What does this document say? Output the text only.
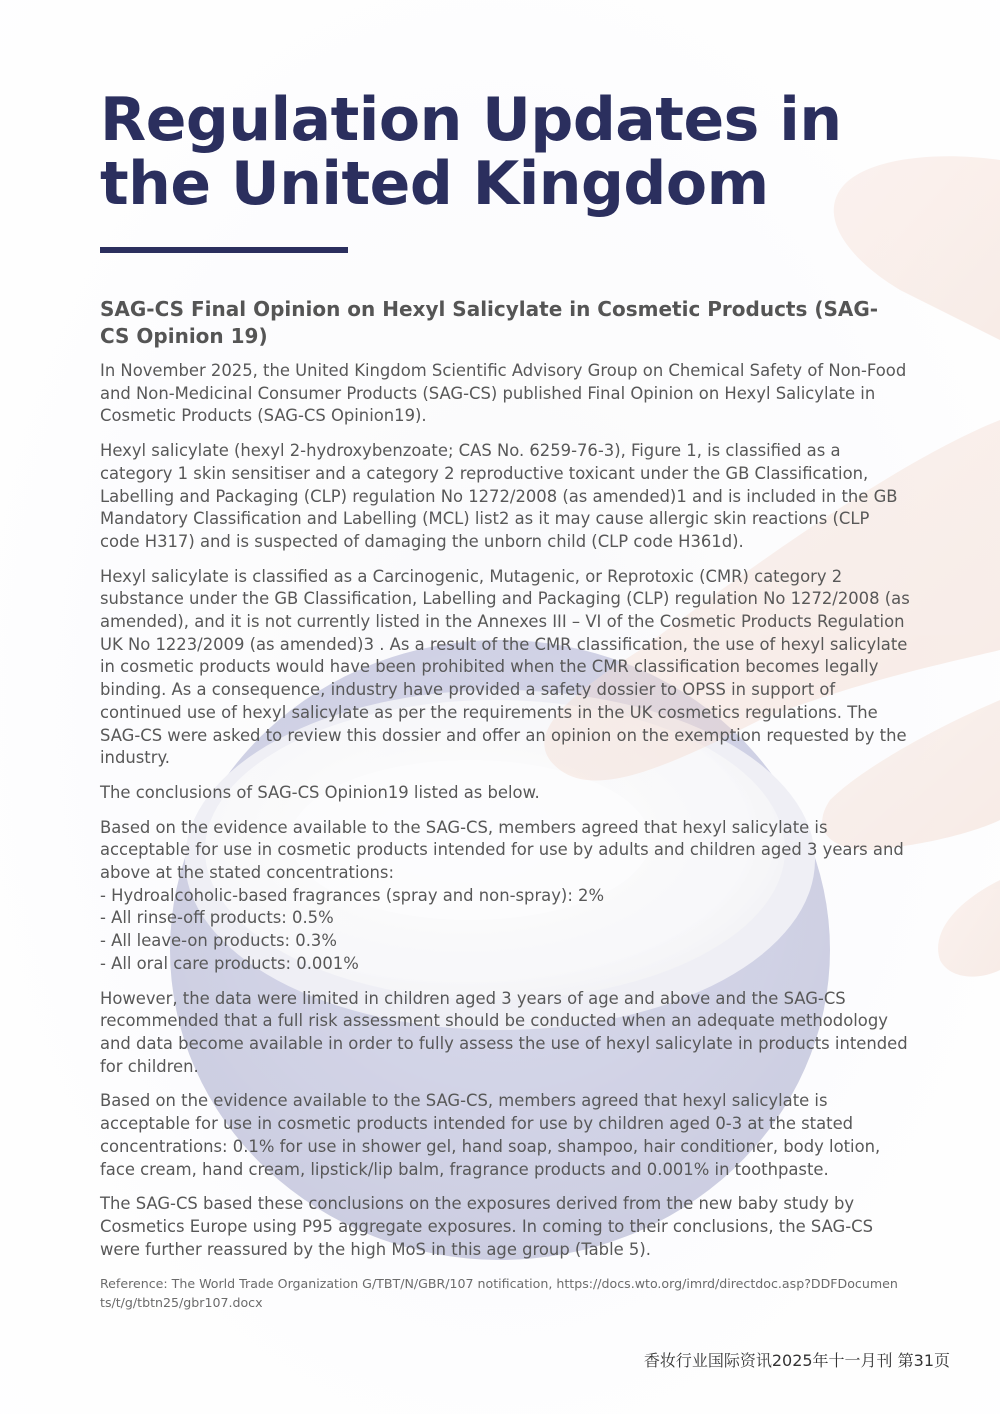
Regulation Updates in the United Kingdom
SAG-CS Final Opinion on Hexyl Salicylate in Cosmetic Products (SAG-CS Opinion 19)

In November 2025, the United Kingdom Scientific Advisory Group on Chemical Safety of Non-Food and Non-Medicinal Consumer Products (SAG-CS) published Final Opinion on Hexyl Salicylate in Cosmetic Products (SAG-CS Opinion19).

Hexyl salicylate (hexyl 2-hydroxybenzoate; CAS No. 6259-76-3), Figure 1, is classified as a category 1 skin sensitiser and a category 2 reproductive toxicant under the GB Classification, Labelling and Packaging (CLP) regulation No 1272/2008 (as amended)1 and is included in the GB Mandatory Classification and Labelling (MCL) list2 as it may cause allergic skin reactions (CLP code H317) and is suspected of damaging the unborn child (CLP code H361d).

Hexyl salicylate is classified as a Carcinogenic, Mutagenic, or Reprotoxic (CMR) category 2 substance under the GB Classification, Labelling and Packaging (CLP) regulation No 1272/2008 (as amended), and it is not currently listed in the Annexes III – VI of the Cosmetic Products Regulation UK No 1223/2009 (as amended)3 . As a result of the CMR classification, the use of hexyl salicylate in cosmetic products would have been prohibited when the CMR classification becomes legally binding. As a consequence, industry have provided a safety dossier to OPSS in support of continued use of hexyl salicylate as per the requirements in the UK cosmetics regulations. The SAG-CS were asked to review this dossier and offer an opinion on the exemption requested by the industry.

The conclusions of SAG-CS Opinion19 listed as below.

Based on the evidence available to the SAG-CS, members agreed that hexyl salicylate is acceptable for use in cosmetic products intended for use by adults and children aged 3 years and above at the stated concentrations:

- Hydroalcoholic-based fragrances (spray and non-spray): 2%

- All rinse-off products: 0.5%

- All leave-on products: 0.3%

- All oral care products: 0.001%

However, the data were limited in children aged 3 years of age and above and the SAG-CS recommended that a full risk assessment should be conducted when an adequate methodology and data become available in order to fully assess the use of hexyl salicylate in products intended for children.

Based on the evidence available to the SAG-CS, members agreed that hexyl salicylate is acceptable for use in cosmetic products intended for use by children aged 0-3 at the stated concentrations: 0.1% for use in shower gel, hand soap, shampoo, hair conditioner, body lotion, face cream, hand cream, lipstick/lip balm, fragrance products and 0.001% in toothpaste.

The SAG-CS based these conclusions on the exposures derived from the new baby study by Cosmetics Europe using P95 aggregate exposures. In coming to their conclusions, the SAG-CS were further reassured by the high MoS in this age group (Table 5).

Reference: The World Trade Organization G/TBT/N/GBR/107 notification, https://docs.wto.org/imrd/directdoc.asp?DDFDocuments/t/g/tbtn25/gbr107.docx

香妆行业国际资讯2025年十一月刊 第31页
